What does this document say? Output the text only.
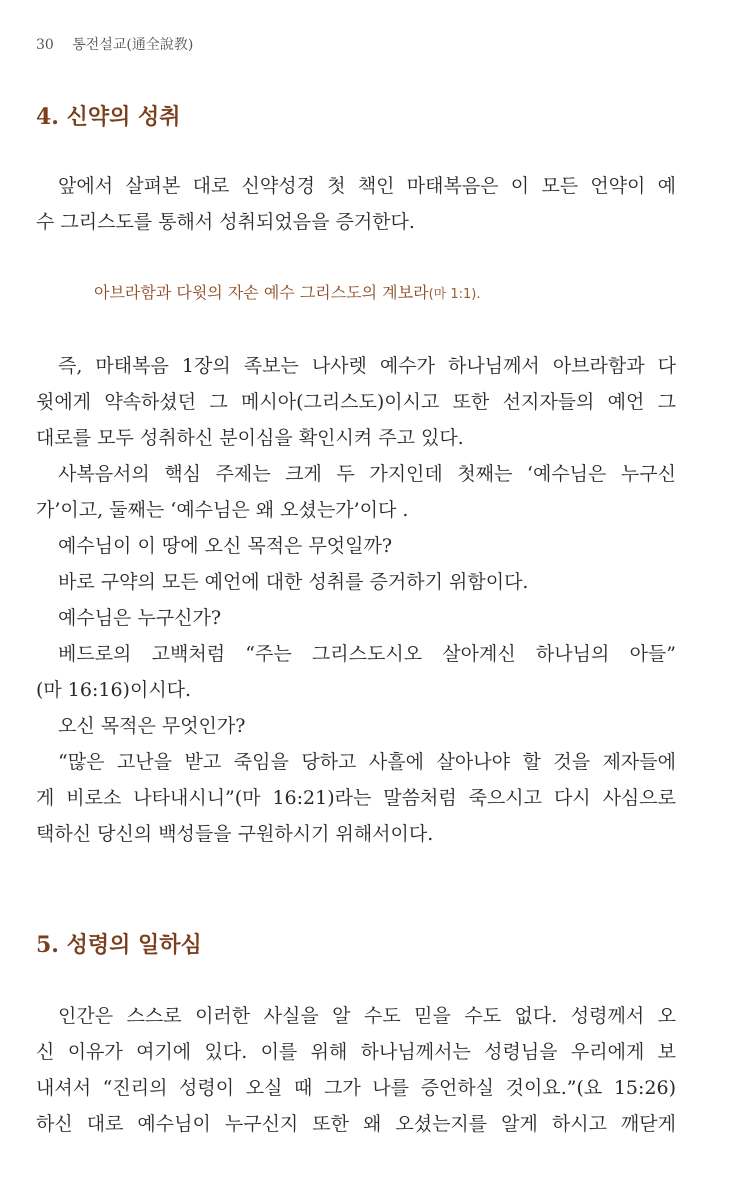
30 통전설교(通全說教)
4. 신약의 성취
앞에서 살펴본 대로 신약성경 첫 책인 마태복음은 이 모든 언약이 예
수 그리스도를 통해서 성취되었음을 증거한다.

아브라함과 다윗의 자손 예수 그리스도의 계보라(마 1:1).

즉, 마태복음 1장의 족보는 나사렛 예수가 하나님께서 아브라함과 다
윗에게 약속하셨던 그 메시아(그리스도)이시고 또한 선지자들의 예언 그
대로를 모두 성취하신 분이심을 확인시켜 주고 있다.
사복음서의 핵심 주제는 크게 두 가지인데 첫째는 ‘예수님은 누구신
가’이고, 둘째는 ‘예수님은 왜 오셨는가’이다 .
예수님이 이 땅에 오신 목적은 무엇일까?
바로 구약의 모든 예언에 대한 성취를 증거하기 위함이다.
예수님은 누구신가?
베드로의 고백처럼 “주는 그리스도시오 살아계신 하나님의 아들”
(마 16:16)이시다.
오신 목적은 무엇인가?
“많은 고난을 받고 죽임을 당하고 사흘에 살아나야 할 것을 제자들에
게 비로소 나타내시니”(마 16:21)라는 말씀처럼 죽으시고 다시 사심으로
택하신 당신의 백성들을 구원하시기 위해서이다.
5. 성령의 일하심
인간은 스스로 이러한 사실을 알 수도 믿을 수도 없다. 성령께서 오
신 이유가 여기에 있다. 이를 위해 하나님께서는 성령님을 우리에게 보
내셔서 “진리의 성령이 오실 때 그가 나를 증언하실 것이요.”(요 15:26)
하신 대로 예수님이 누구신지 또한 왜 오셨는지를 알게 하시고 깨닫게
